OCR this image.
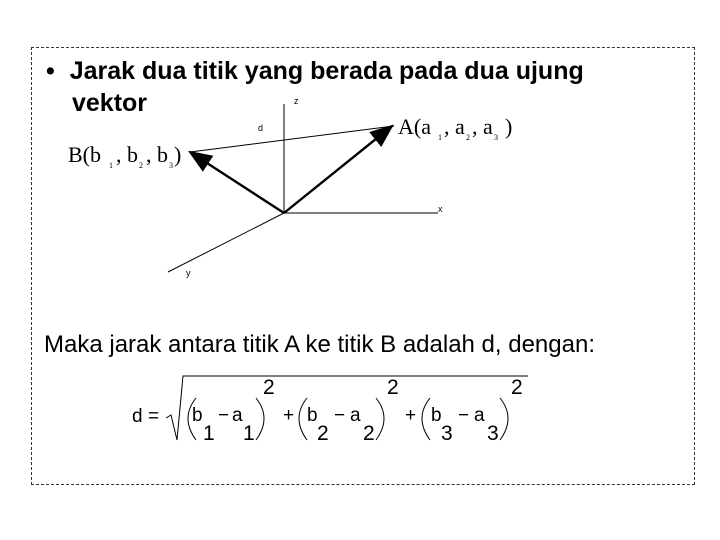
• Jarak dua titik yang berada pada dua ujung
vektor	z
x
y
d	A(a 1 , a 2 , a 3 )
B(b 1 , b 2 , b 3 )
Maka jarak antara titik A ke titik B adalah d, dengan:
d = b
1
− a
1
2
+ b
2
− a
2
2
+ b
3
− a
3
2
